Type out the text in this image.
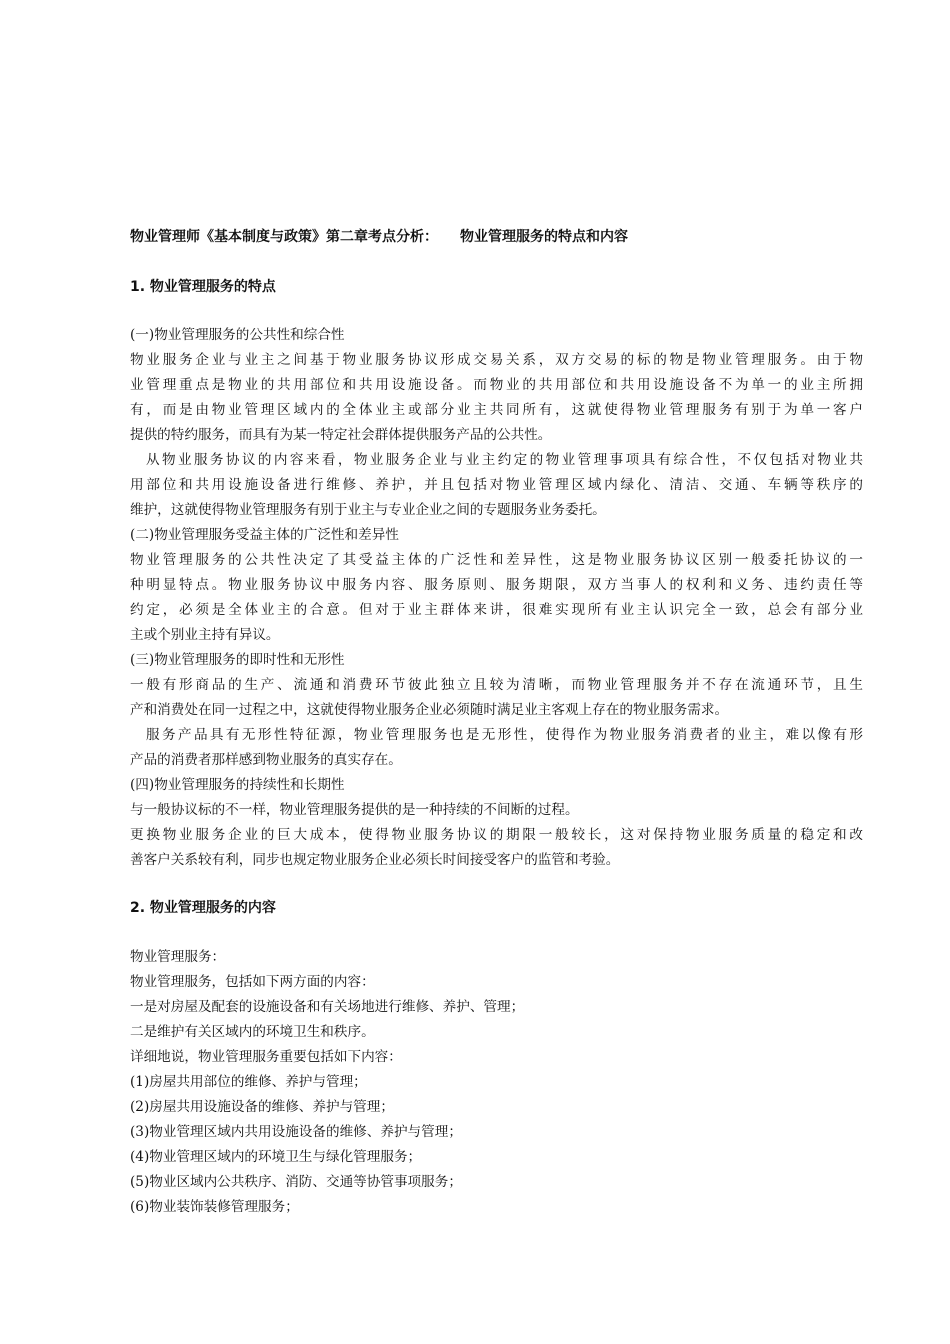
物业管理师《基本制度与政策》第二章考点分析： 物业管理服务的特点和内容
1. 物业管理服务的特点
(一)物业管理服务的公共性和综合性
物业服务企业与业主之间基于物业服务协议形成交易关系，双方交易的标的物是物业管理服务。由于物
业管理重点是物业的共用部位和共用设施设备。而物业的共用部位和共用设施设备不为单一的业主所拥
有，而是由物业管理区域内的全体业主或部分业主共同所有，这就使得物业管理服务有别于为单一客户
提供的特约服务，而具有为某一特定社会群体提供服务产品的公共性。
　从物业服务协议的内容来看，物业服务企业与业主约定的物业管理事项具有综合性，不仅包括对物业共
用部位和共用设施设备进行维修、养护，并且包括对物业管理区域内绿化、清洁、交通、车辆等秩序的
维护，这就使得物业管理服务有别于业主与专业企业之间的专题服务业务委托。
(二)物业管理服务受益主体的广泛性和差异性
物业管理服务的公共性决定了其受益主体的广泛性和差异性，这是物业服务协议区别一般委托协议的一
种明显特点。物业服务协议中服务内容、服务原则、服务期限，双方当事人的权利和义务、违约责任等
约定，必须是全体业主的合意。但对于业主群体来讲，很难实现所有业主认识完全一致，总会有部分业
主或个别业主持有异议。
(三)物业管理服务的即时性和无形性
一般有形商品的生产、流通和消费环节彼此独立且较为清晰，而物业管理服务并不存在流通环节，且生
产和消费处在同一过程之中，这就使得物业服务企业必须随时满足业主客观上存在的物业服务需求。
　服务产品具有无形性特征源，物业管理服务也是无形性，使得作为物业服务消费者的业主，难以像有形
产品的消费者那样感到物业服务的真实存在。
(四)物业管理服务的持续性和长期性
与一般协议标的不一样，物业管理服务提供的是一种持续的不间断的过程。
更换物业服务企业的巨大成本，使得物业服务协议的期限一般较长，这对保持物业服务质量的稳定和改
善客户关系较有利，同步也规定物业服务企业必须长时间接受客户的监管和考验。
2. 物业管理服务的内容
物业管理服务：
物业管理服务，包括如下两方面的内容：
一是对房屋及配套的设施设备和有关场地进行维修、养护、管理；
二是维护有关区域内的环境卫生和秩序。
详细地说，物业管理服务重要包括如下内容：
(1)房屋共用部位的维修、养护与管理；
(2)房屋共用设施设备的维修、养护与管理；
(3)物业管理区域内共用设施设备的维修、养护与管理；
(4)物业管理区域内的环境卫生与绿化管理服务；
(5)物业区域内公共秩序、消防、交通等协管事项服务；
(6)物业装饰装修管理服务；
